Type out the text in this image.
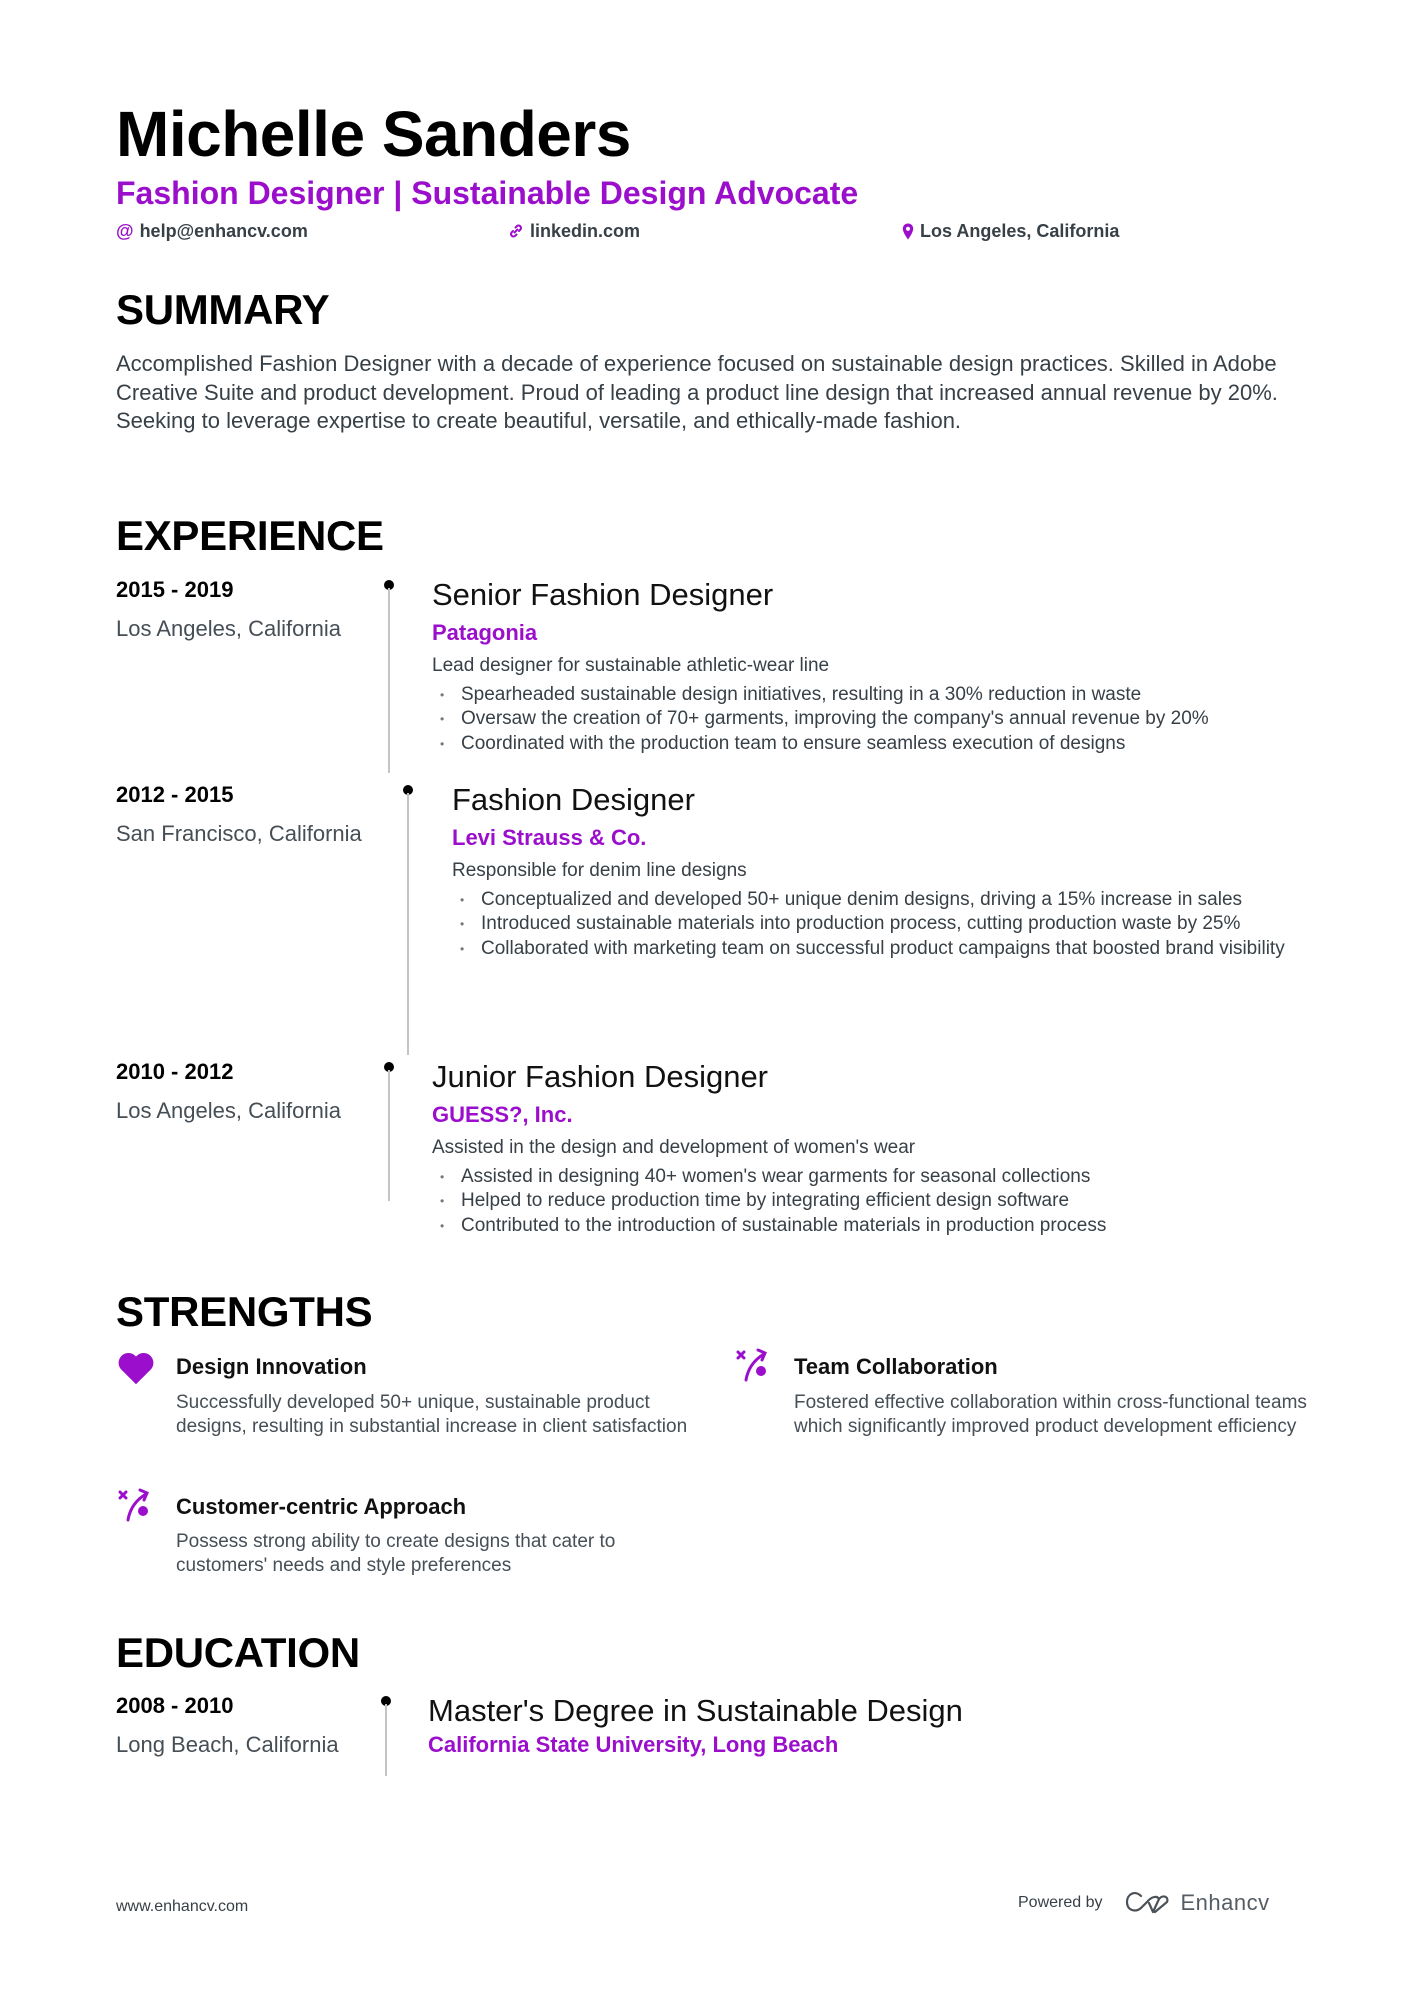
Michelle Sanders
Fashion Designer | Sustainable Design Advocate
@ help@enhancv.com	linkedin.com	Los Angeles, California
SUMMARY
Accomplished Fashion Designer with a decade of experience focused on sustainable design practices. Skilled in Adobe Creative Suite and product development. Proud of leading a product line design that increased annual revenue by 20%. Seeking to leverage expertise to create beautiful, versatile, and ethically-made fashion.
EXPERIENCE
2015 - 2019
Los Angeles, California
Senior Fashion Designer
Patagonia
Lead designer for sustainable athletic-wear line
• Spearheaded sustainable design initiatives, resulting in a 30% reduction in waste
• Oversaw the creation of 70+ garments, improving the company's annual revenue by 20%
• Coordinated with the production team to ensure seamless execution of designs
2012 - 2015
San Francisco, California
Fashion Designer
Levi Strauss & Co.
Responsible for denim line designs
• Conceptualized and developed 50+ unique denim designs, driving a 15% increase in sales
• Introduced sustainable materials into production process, cutting production waste by 25%
• Collaborated with marketing team on successful product campaigns that boosted brand visibility
2010 - 2012
Los Angeles, California
Junior Fashion Designer
GUESS?, Inc.
Assisted in the design and development of women's wear
• Assisted in designing 40+ women's wear garments for seasonal collections
• Helped to reduce production time by integrating efficient design software
• Contributed to the introduction of sustainable materials in production process
STRENGTHS
Design Innovation
Successfully developed 50+ unique, sustainable product designs, resulting in substantial increase in client satisfaction
Team Collaboration
Fostered effective collaboration within cross-functional teams which significantly improved product development efficiency
Customer-centric Approach
Possess strong ability to create designs that cater to customers' needs and style preferences
EDUCATION
2008 - 2010
Long Beach, California
Master's Degree in Sustainable Design
California State University, Long Beach
www.enhancv.com	Powered by	Enhancv
